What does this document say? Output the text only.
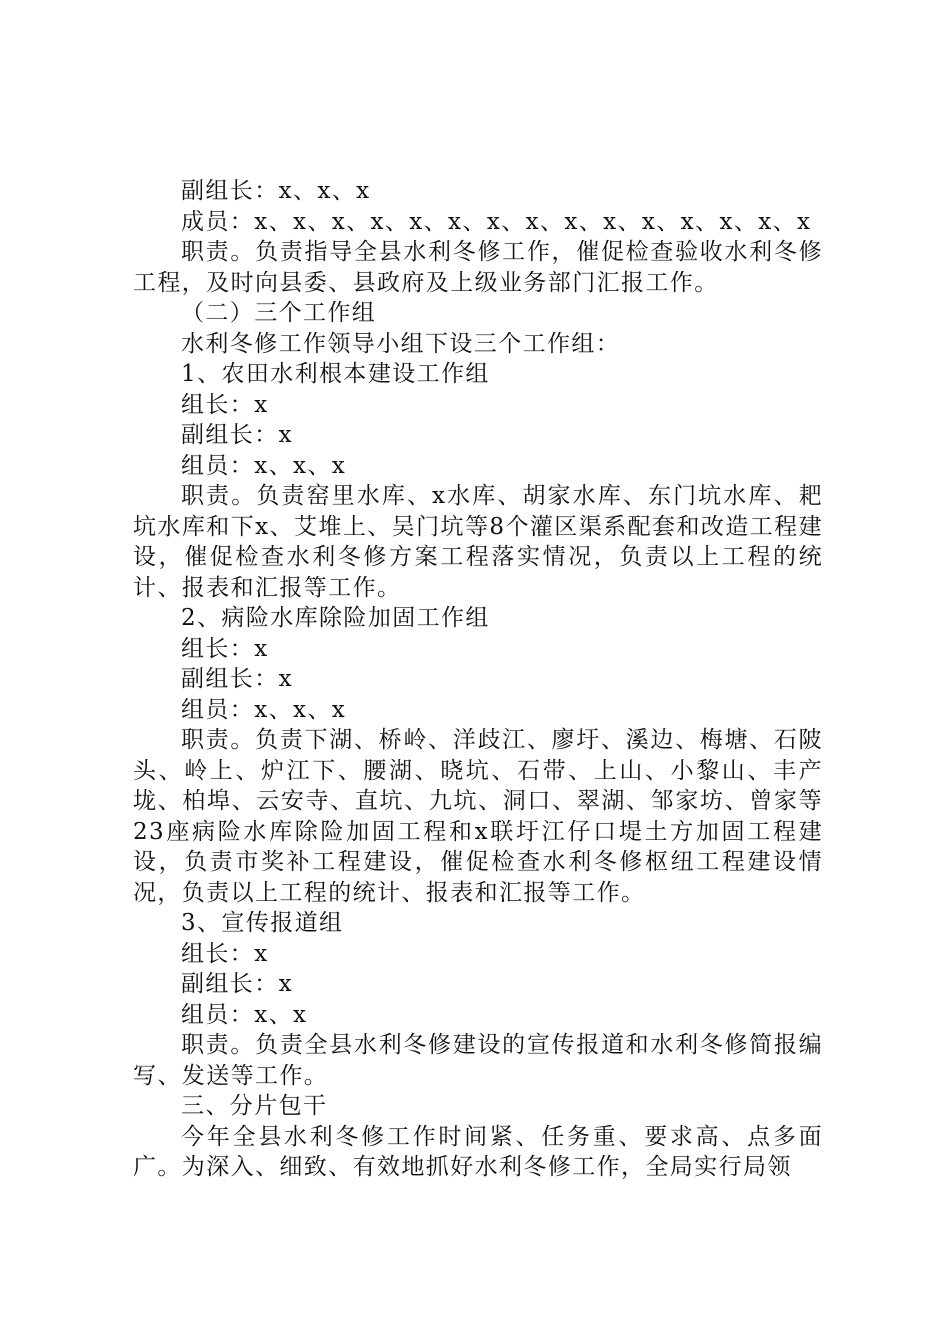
副组长：x、x、x

成员：x、x、x、x、x、x、x、x、x、x、x、x、x、x、x

职责。负责指导全县水利冬修工作，催促检查验收水利冬修工程，及时向县委、县政府及上级业务部门汇报工作。

（二）三个工作组

水利冬修工作领导小组下设三个工作组：

1、农田水利根本建设工作组

组长：x

副组长：x

组员：x、x、x

职责。负责窑里水库、x水库、胡家水库、东门坑水库、耙坑水库和下x、艾堆上、吴门坑等8个灌区渠系配套和改造工程建设，催促检查水利冬修方案工程落实情况，负责以上工程的统计、报表和汇报等工作。

2、病险水库除险加固工作组

组长：x

副组长：x

组员：x、x、x

职责。负责下湖、桥岭、洋歧江、廖圩、溪边、梅塘、石陂头、岭上、炉江下、腰湖、晓坑、石带、上山、小黎山、丰产垅、柏埠、云安寺、直坑、九坑、洞口、翠湖、邹家坊、曾家等23座病险水库除险加固工程和x联圩江仔口堤土方加固工程建设，负责市奖补工程建设，催促检查水利冬修枢纽工程建设情况，负责以上工程的统计、报表和汇报等工作。

3、宣传报道组

组长：x

副组长：x

组员：x、x

职责。负责全县水利冬修建设的宣传报道和水利冬修简报编写、发送等工作。

三、分片包干

今年全县水利冬修工作时间紧、任务重、要求高、点多面广。为深入、细致、有效地抓好水利冬修工作，全局实行局领
